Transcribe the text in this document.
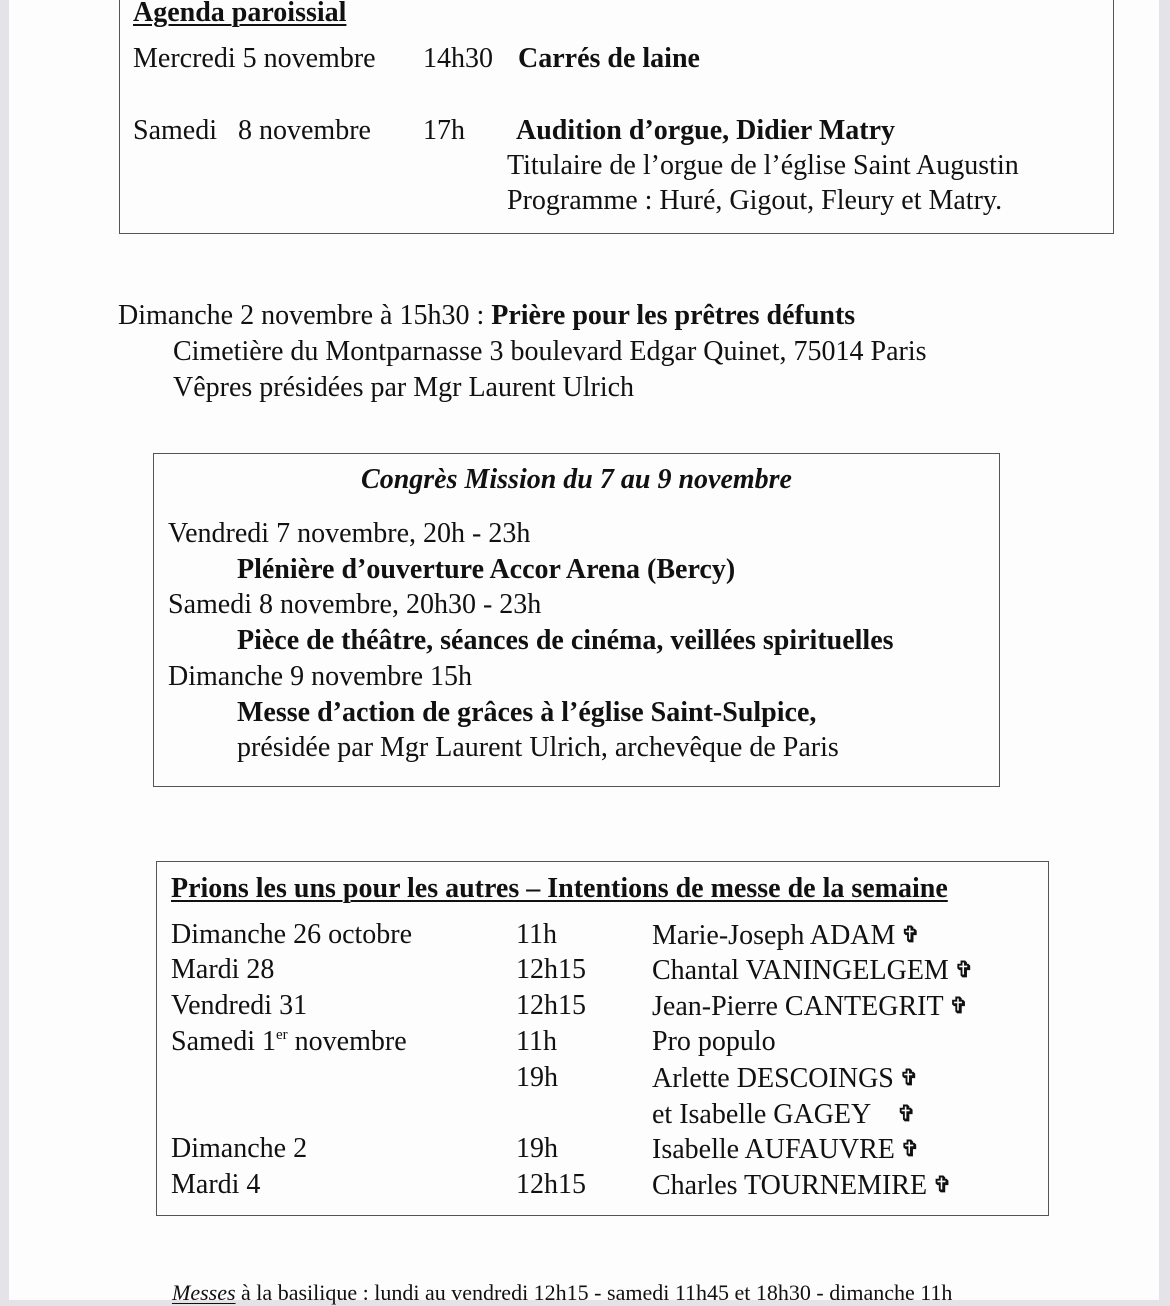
Agenda paroissial
Mercredi 5 novembre 14h30 Carrés de laine
Samedi   8 novembre 17h Audition d’orgue, Didier Matry
Titulaire de l’orgue de l’église Saint Augustin
Programme : Huré, Gigout, Fleury et Matry.
Dimanche 2 novembre à 15h30 : Prière pour les prêtres défunts
Cimetière du Montparnasse 3 boulevard Edgar Quinet, 75014 Paris
Vêpres présidées par Mgr Laurent Ulrich
Congrès Mission du 7 au 9 novembre
Vendredi 7 novembre, 20h - 23h
Plénière d’ouverture Accor Arena (Bercy)
Samedi 8 novembre, 20h30 - 23h
Pièce de théâtre, séances de cinéma, veillées spirituelles
Dimanche 9 novembre 15h
Messe d’action de grâces à l’église Saint-Sulpice,
présidée par Mgr Laurent Ulrich, archevêque de Paris
Prions les uns pour les autres – Intentions de messe de la semaine
Dimanche 26 octobre	11h	Marie-Joseph ADAM ✞
Mardi 28	12h15 Chantal VANINGELGEM ✞
Vendredi 31	12h15 Jean-Pierre CANTEGRIT ✞
Samedi 1er novembre	11h	Pro populo
19h	Arlette DESCOINGS ✞
et Isabelle GAGEY   ✞
Dimanche 2	19h	Isabelle AUFAUVRE ✞
Mardi 4	12h15 Charles TOURNEMIRE ✞
Messes à la basilique : lundi au vendredi 12h15 - samedi 11h45 et 18h30 - dimanche 11h
